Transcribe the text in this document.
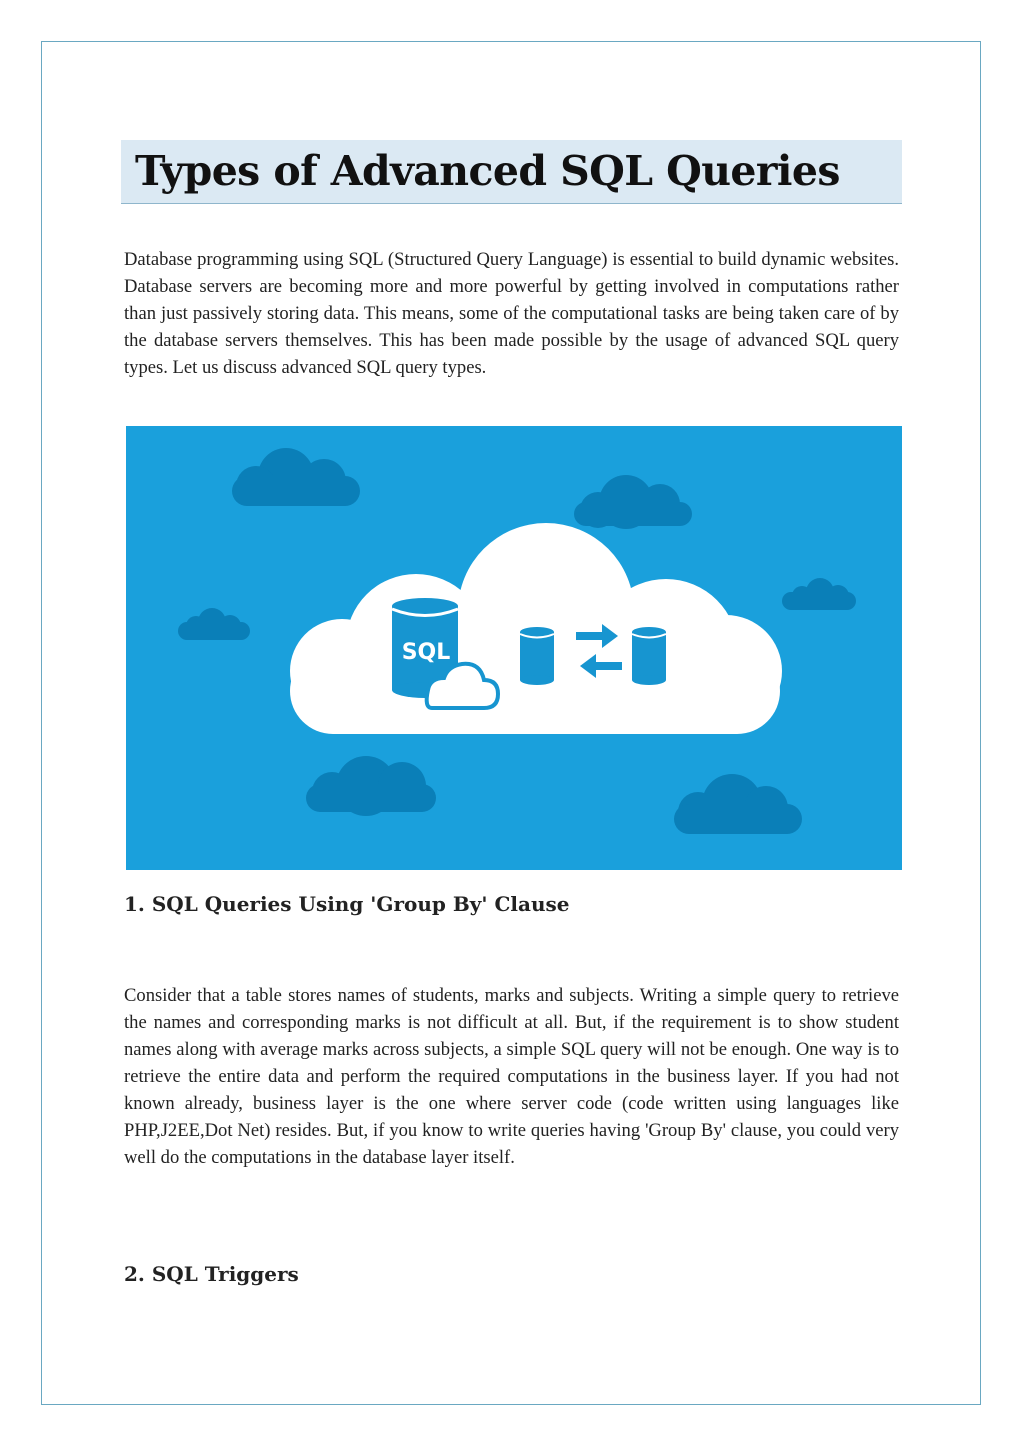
Types of Advanced SQL Queries

Database programming using SQL (Structured Query Language) is essential to build dynamic websites. Database servers are becoming more and more powerful by getting involved in computations rather than just passively storing data. This means, some of the computational tasks are being taken care of by the database servers themselves. This has been made possible by the usage of advanced SQL query types. Let us discuss advanced SQL query types.

SQL
1. SQL Queries Using 'Group By' Clause

Consider that a table stores names of students, marks and subjects. Writing a simple query to retrieve the names and corresponding marks is not difficult at all. But, if the requirement is to show student names along with average marks across subjects, a simple SQL query will not be enough. One way is to retrieve the entire data and perform the required computations in the business layer. If you had not known already, business layer is the one where server code (code written using languages like PHP,J2EE,Dot Net) resides. But, if you know to write queries having 'Group By' clause, you could very well do the computations in the database layer itself.

2. SQL Triggers
